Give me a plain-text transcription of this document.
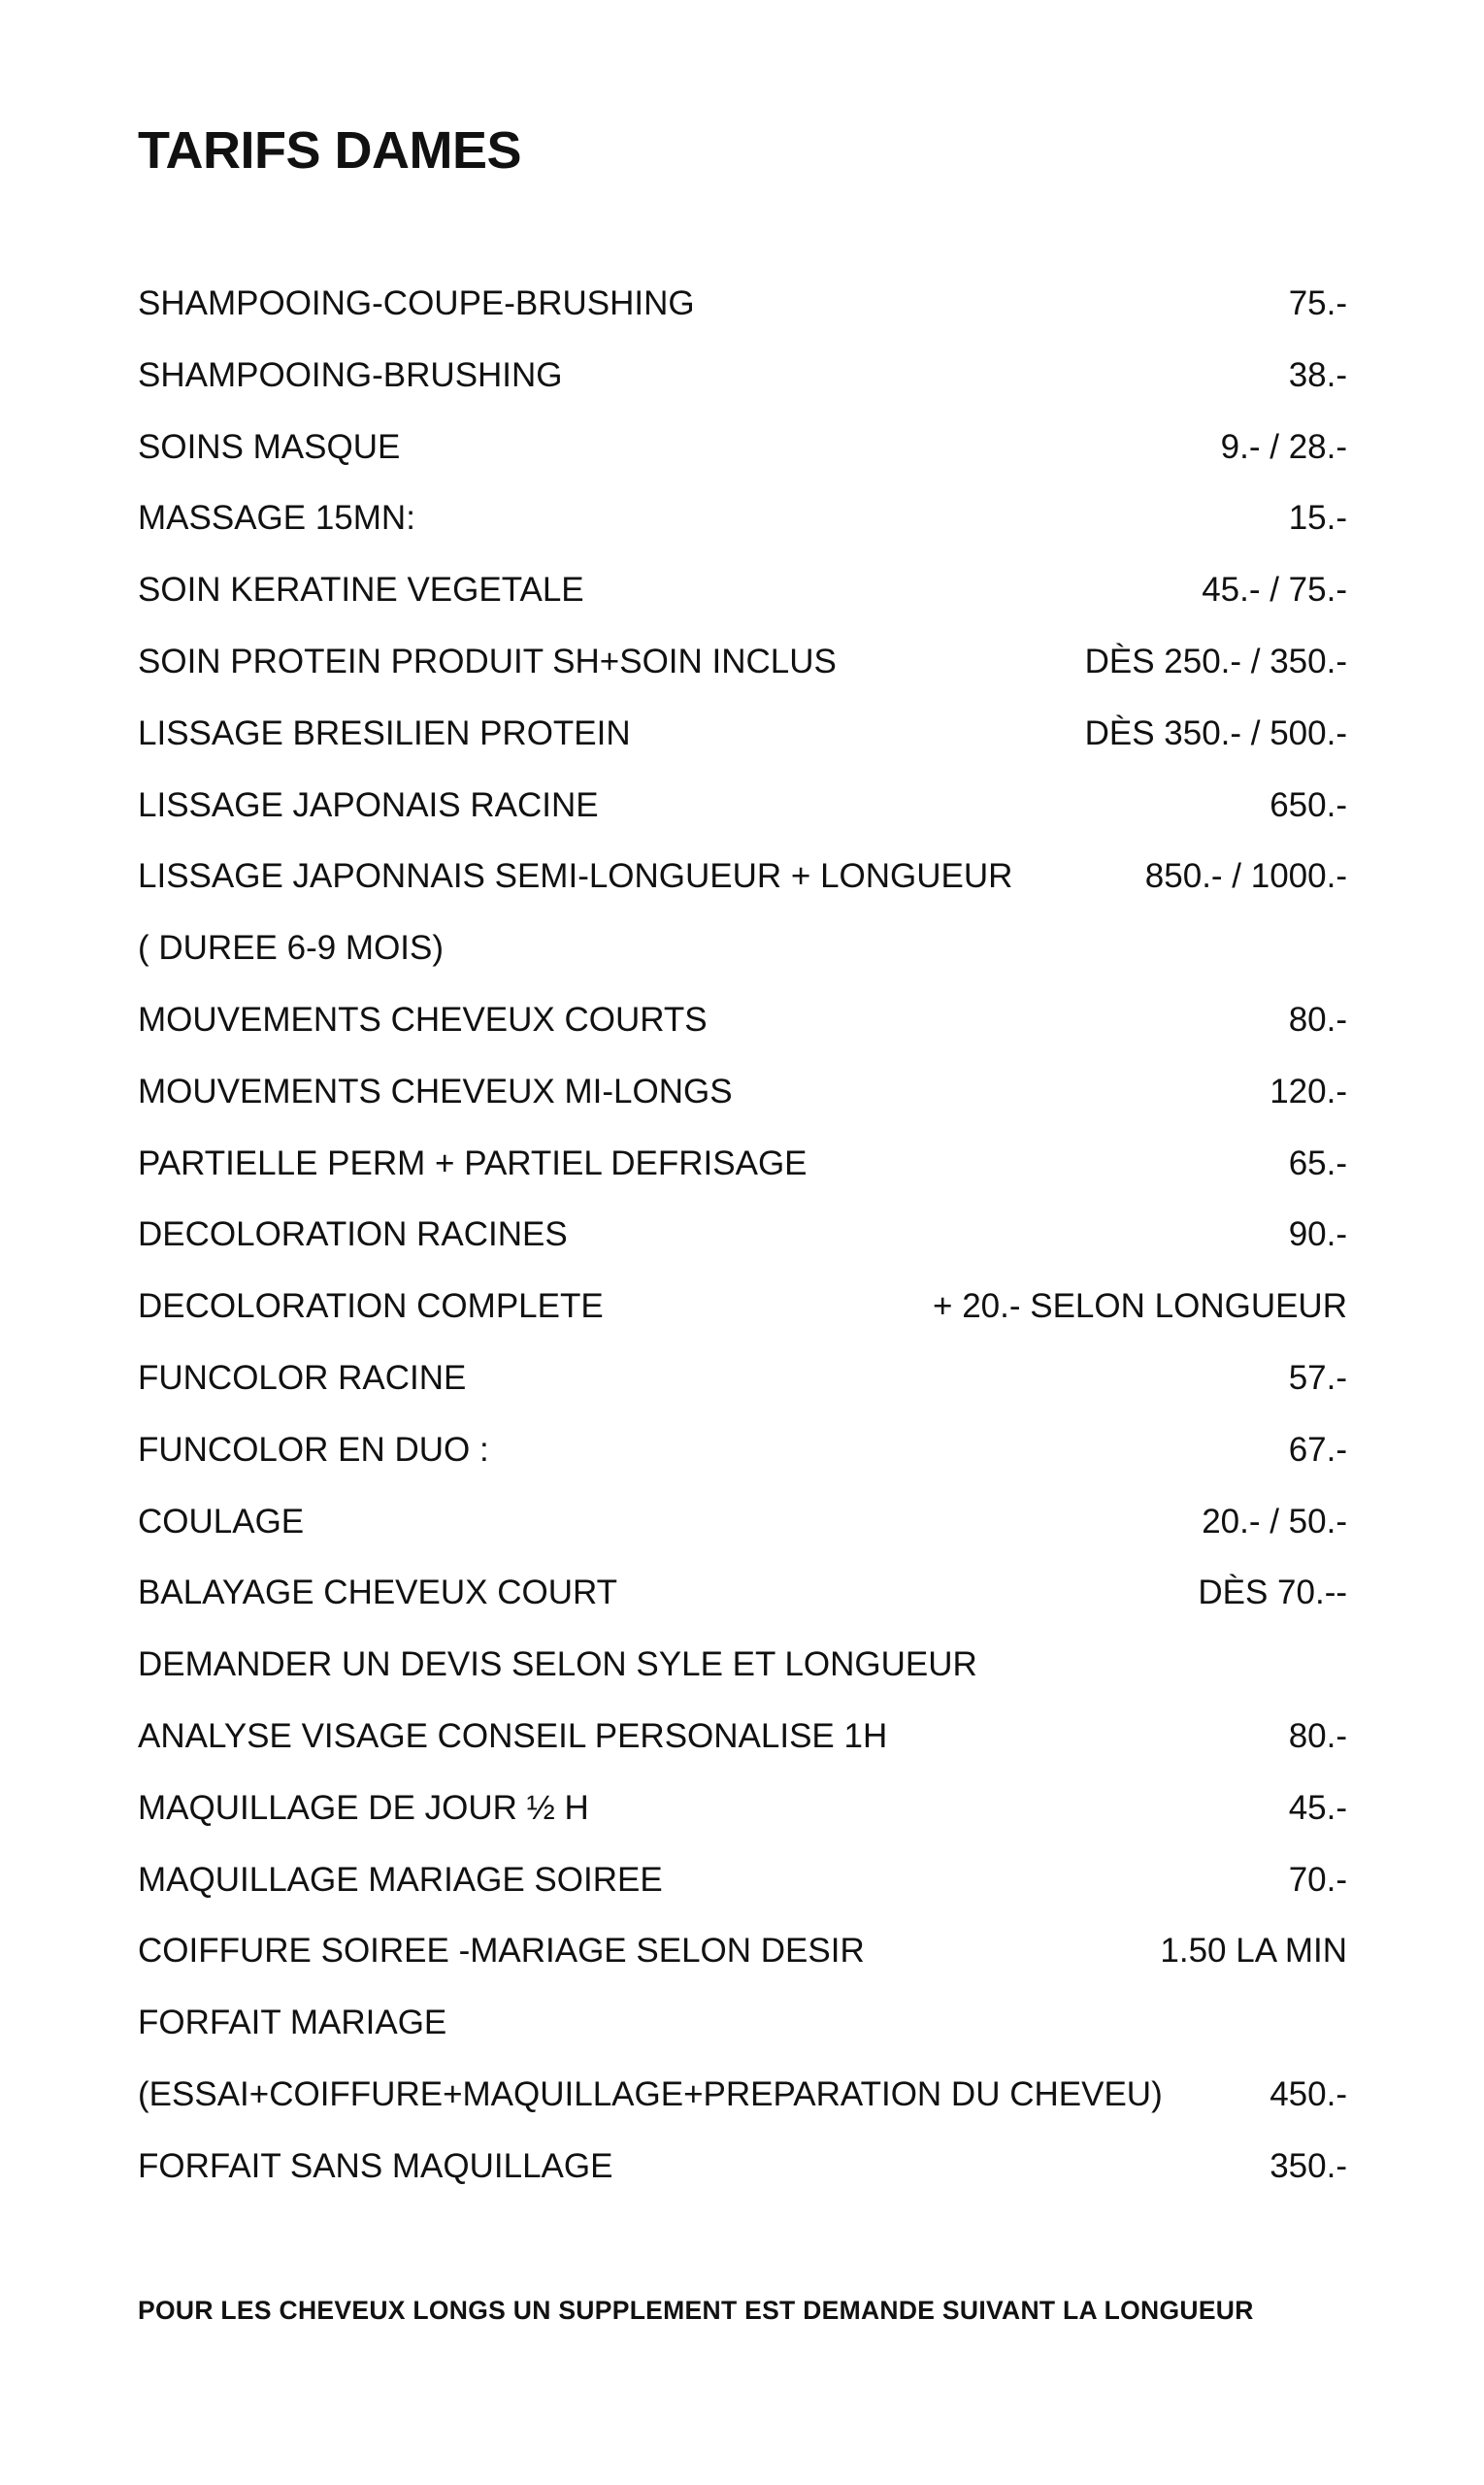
TARIFS DAMES
SHAMPOOING-COUPE-BRUSHING	75.-
SHAMPOOING-BRUSHING	38.-
SOINS MASQUE	9.- / 28.-
MASSAGE 15MN:	15.-
SOIN KERATINE VEGETALE	45.- / 75.-
SOIN PROTEIN PRODUIT SH+SOIN INCLUS	DÈS 250.- / 350.-
LISSAGE BRESILIEN PROTEIN	DÈS 350.- / 500.-
LISSAGE JAPONAIS RACINE	650.-
LISSAGE JAPONNAIS SEMI-LONGUEUR + LONGUEUR	850.- / 1000.-
( DUREE 6-9 MOIS)
MOUVEMENTS CHEVEUX COURTS	80.-
MOUVEMENTS CHEVEUX MI-LONGS	120.-
PARTIELLE PERM + PARTIEL DEFRISAGE	65.-
DECOLORATION RACINES	90.-
DECOLORATION COMPLETE	+ 20.- SELON LONGUEUR
FUNCOLOR RACINE	57.-
FUNCOLOR EN DUO :	67.-
COULAGE	20.- / 50.-
BALAYAGE CHEVEUX COURT	DÈS 70.--
DEMANDER UN DEVIS SELON SYLE ET LONGUEUR
ANALYSE VISAGE CONSEIL PERSONALISE 1H	80.-
MAQUILLAGE DE JOUR ½ H	45.-
MAQUILLAGE MARIAGE SOIREE	70.-
COIFFURE SOIREE -MARIAGE SELON DESIR	1.50 LA MIN
FORFAIT MARIAGE
(ESSAI+COIFFURE+MAQUILLAGE+PREPARATION DU CHEVEU)	450.-
FORFAIT SANS MAQUILLAGE	350.-

POUR LES CHEVEUX LONGS UN SUPPLEMENT EST DEMANDE SUIVANT LA LONGUEUR
